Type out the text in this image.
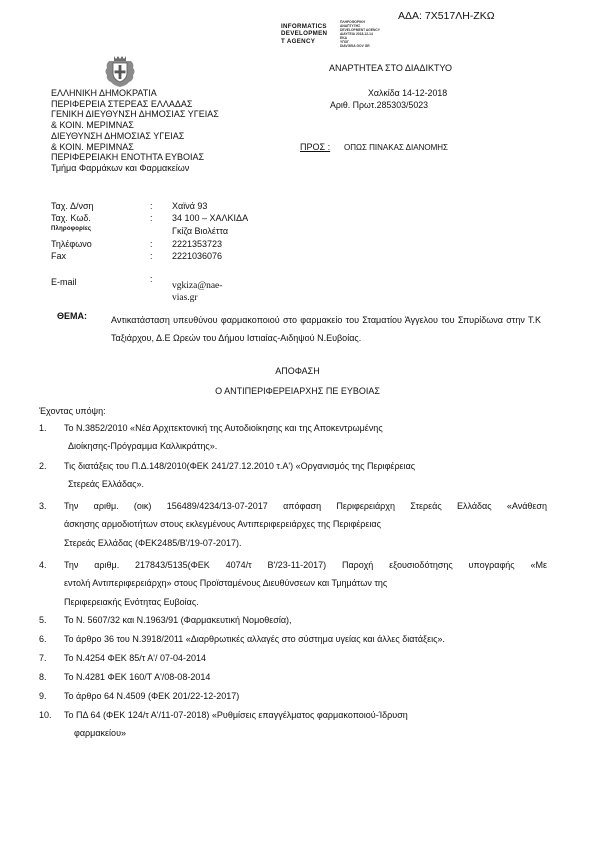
ΑΔΑ: 7Χ517ΛΗ-ΖΚΩ
INFORMATICS
DEVELOPMEN
T AGENCY
ΠΛΗΡΟΦΟΡΙΚΗ
ΑΝΑΠΤΥΞΗΣ
DEVELOPMENT AGENCY
ΔΙΑΥΓΕΙΑ 2018-12-14
ΕΚΔ
ΥΠΟΓ
DIAVGEIA GOV GR
ΑΝΑΡΤΗΤΕΑ ΣΤΟ ΔΙΑΔΙΚΤΥΟ
Χαλκίδα 14-12-2018
Αριθ. Πρωτ.285303/5023
ΠΡΟΣ : ΟΠΩΣ ΠΙΝΑΚΑΣ ΔΙΑΝΟΜΗΣ
ΕΛΛΗΝΙΚΗ ΔΗΜΟΚΡΑΤΙΑ
ΠΕΡΙΦΕΡΕΙΑ ΣΤΕΡΕΑΣ ΕΛΛΑΔΑΣ
ΓΕΝΙΚΗ ΔΙΕΥΘΥΝΣΗ ΔΗΜΟΣΙΑΣ ΥΓΕΙΑΣ
& ΚΟΙΝ. ΜΕΡΙΜΝΑΣ
ΔΙΕΥΘΥΝΣΗ ΔΗΜΟΣΙΑΣ ΥΓΕΙΑΣ
& ΚΟΙΝ. ΜΕΡΙΜΝΑΣ
ΠΕΡΙΦΕΡΕΙΑΚΗ ΕΝΟΤΗΤΑ ΕΥΒΟΙΑΣ
Τμήμα Φαρμάκων και Φαρμακείων
Ταχ. Δ/νση	: Χαϊνά 93
Ταχ. Κωδ.	: 34 100 – ΧΑΛΚΙΔΑ
Πληροφορίες	Γκίζα Βιολέττα
Τηλέφωνο	: 2221353723
Fax	: 2221036076
E-mail	:
vgkiza@nae-
vias.gr
ΘΕΜΑ:	Αντικατάσταση υπευθύνου φαρμακοποιού στο φαρμακείο του Σταματίου Άγγελου του Σπυρίδωνα στην Τ.Κ Ταξιάρχου, Δ.Ε Ωρεών του Δήμου Ιστιαίας-Αιδηψού Ν.Ευβοίας.
ΑΠΟΦΑΣΗ
Ο ΑΝΤΙΠΕΡΙΦΕΡΕΙΑΡΧΗΣ ΠΕ ΕΥΒΟΙΑΣ
Έχοντας υπόψη:
1. Το Ν.3852/2010 «Νέα Αρχιτεκτονική της Αυτοδιοίκησης και της Αποκεντρωμένης
Διοίκησης-Πρόγραμμα Καλλικράτης».
2. Τις διατάξεις του Π.Δ.148/2010(ΦΕΚ 241/27.12.2010 τ.Α') «Οργανισμός της Περιφέρειας
Στερεάς Ελλάδας».
3. Την αριθμ. (οικ) 156489/4234/13-07-2017 απόφαση Περιφερειάρχη Στερεάς Ελλάδας «Ανάθεση
άσκησης αρμοδιοτήτων στους εκλεγμένους Αντιπεριφερειάρχες της Περιφέρειας
Στερεάς Ελλάδας (ΦΕΚ2485/Β'/19-07-2017).
4. Την αριθμ. 217843/5135(ΦΕΚ 4074/τ Β'/23-11-2017) Παροχή εξουσιοδότησης υπογραφής «Με
εντολή Αντιπεριφερειάρχη» στους Προϊσταμένους Διευθύνσεων και Τμημάτων της
Περιφερειακής Ενότητας Ευβοίας.
5. Το Ν. 5607/32 και Ν.1963/91 (Φαρμακευτική Νομοθεσία),
6. Το άρθρο 36 του Ν.3918/2011 «Διαρθρωτικές αλλαγές στο σύστημα υγείας και άλλες διατάξεις».
7. Το Ν.4254 ΦΕΚ 85/τ Α'/ 07-04-2014
8. Το Ν.4281 ΦΕΚ 160/Τ Α'/08-08-2014
9. Το άρθρο 64 Ν.4509 (ΦΕΚ 201/22-12-2017)
10. Το ΠΔ 64 (ΦΕΚ 124/τ Α'/11-07-2018) «Ρυθμίσεις επαγγέλματος φαρμακοποιού-Ίδρυση
φαρμακείου»
